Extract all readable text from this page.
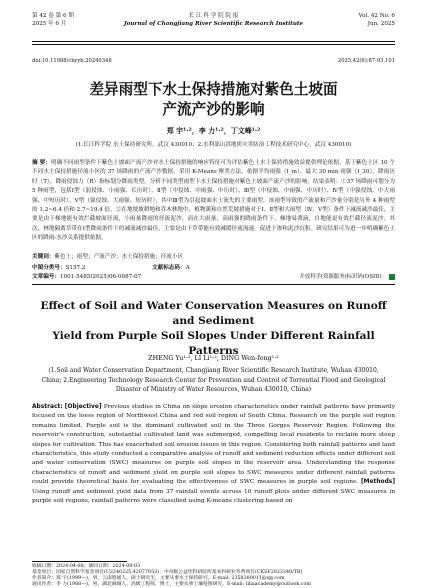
第 42 卷 第 6 期
2025 年 6 月
长 江 科 学 院 院 报
Journal of Changjiang River Scientific Research Institute
Vol. 42 No. 6
Jun. 2025
doi:10.11988/ckyyb.20240348	2025,42(6):87-93,101
差异雨型下水土保持措施对紫色土坡面
产流产沙的影响
郑 宇¹·²，李 力¹·²，丁文峰¹·²
(1.长江科学院 水土保持研究所，武汉 430010；2.水利部山洪地质灾害防治工程技术研究中心，武汉 430010)
摘 要：明确不同雨型条件下紫色土坡面产流产沙对水土保持措施的响应特征可为评估紫色土水土保持措施效益提供理论依据。基于紫色土区 10 个不同水土保持措施径流小区的 37 场降雨的产流产沙数据，采用 K-Means 聚类方法，依据平均雨强（I_m）、最大 30 min 雨强（I_30）、降雨历时（T）、降雨侵蚀力（R）指标划分降雨类型，分析不同类型雨型下水土保持措施对紫色土坡面产流产沙的影响。结果表明：①37 场降雨可划分为 5 种雨型，包括Ⅰ型（弱侵蚀、小雨强、长历时）、Ⅱ型（中侵蚀、中雨强、中历时）、Ⅲ型（中侵蚀、中雨强、中历时）、Ⅳ型（中强侵蚀、中大雨强、中短历时）、Ⅴ型（强侵蚀、大雨强、短历时），其中Ⅲ型为引起坡面水土流失的主要雨型，该雨型导致的产流量和产沙量分别是另外 4 种雨型的 1.2~6.4 倍和 2.7~19.4 倍。②在地埂坡耕地和乔木林地中，植物篱和自然荒坡措施对于Ⅰ、Ⅱ型和大雨型（Ⅳ、Ⅴ型）条件下减流减沙最佳，主要是由于梯地能有效拦截坡面径流，小雨量降雨的径流泥沙，而在大雨量、高雨强的降雨条件下，梯地易溃滴，自地能更有效拦截径流泥沙；其次，林地隔离草带在Ⅰ型降雨条件下的减流减沙最佳，主要是由于草带能有效减缓径流流速，促进下渗和泥沙沉积。研究结果可为进一步明确紫色土区的降雨-水沙关系提供依据。
关键词：紫色土；雨型；产流产沙；水土保持措施；径流小区
中图分类号：S157.2	文献标志码：A
文章编号：1001-5485(2025)06-0087-07	开放科学(资源服务)标识码(OSID)：
Effect of Soil and Water Conservation Measures on Runoff and Sediment
Yield from Purple Soil Slopes Under Different Rainfall Patterns
ZHENG Yu¹·², LI Li¹·², DING Wen-feng¹·²
(1.Soil and Water Conservation Department, Changjiang River Scientific Research Institute, Wuhan 430010, China; 2.Engineering Technology Research Center for Prevention and Control of Torrential Flood and Geological Disaster of Ministry of Water Resources, Wuhan 430010, China)
Abstract: [Objective] Previous studies in China on slope erosion characteristics under rainfall patterns have primarily focused on the loess region of Northwest China and red soil region of South China. Research on the purple soil region remains limited. Purple soil is the dominant cultivated soil in the Three Gorges Reservoir Region. Following the reservoir's construction, substantial cultivated land was submerged, compelling local residents to reclaim more steep slopes for cultivation. This has exacerbated soil erosion issues in this region. Considering both rainfall patterns and land characteristics, this study conducted a comparative analysis of runoff and sediment reduction effects under different soil and water conservation (SWC) measures on purple soil slopes in the reservoir area. Understanding the response characteristics of runoff and sediment yield on purple soil slopes to SWC measures under different rainfall patterns could provide theoretical basis for evaluating the effectiveness of SWC measures in purple soil regions. [Methods] Using runoff and sediment yield data from 37 rainfall events across 10 runoff plots under different SWC measures in purple soil regions, rainfall patterns were classified using K-means clustering based on
收稿日期：2024-04-08；修回日期：2024-09-03
基金项目：国家自然科学基金项目(U2240225,42077053)；中央级公益性科研院所基本科研业务费项目(CKSF2023340/TB)
作者简介：郑 宇(1999—)，男，云南昭通人，硕士研究生，主要从事水土保持研究。E-mail: 2358389011@qq.com
通讯作者：李 力(1988—)，男，湖北麻城人，高级工程师，博士，主要从事土壤侵蚀研究。E-mail: liliaacademy@outlook.com
